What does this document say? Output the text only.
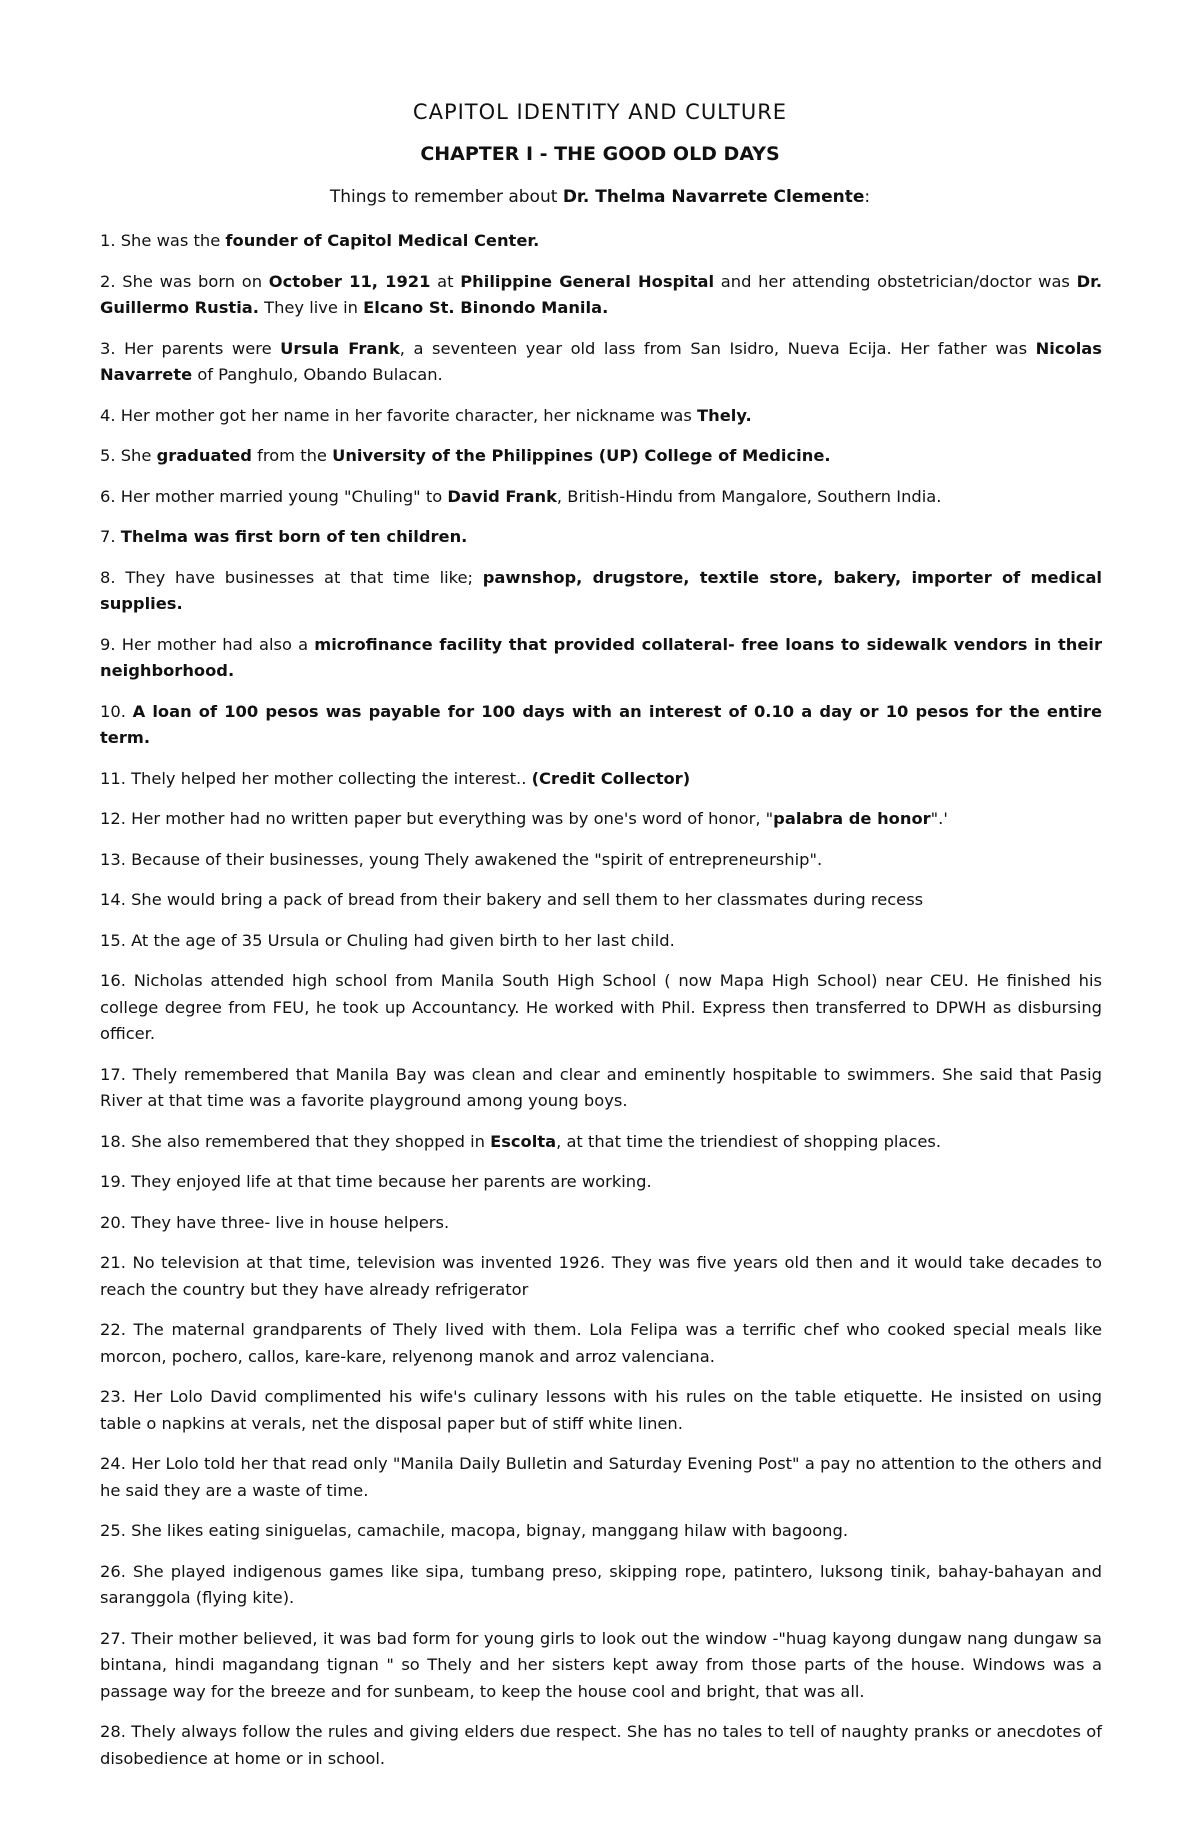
CAPITOL IDENTITY AND CULTURE
CHAPTER I - THE GOOD OLD DAYS
Things to remember about Dr. Thelma Navarrete Clemente:

1. She was the founder of Capitol Medical Center.

2. She was born on October 11, 1921 at Philippine General Hospital and her attending obstetrician/doctor was Dr. Guillermo Rustia. They live in Elcano St. Binondo Manila.

3. Her parents were Ursula Frank, a seventeen year old lass from San Isidro, Nueva Ecija. Her father was Nicolas Navarrete of Panghulo, Obando Bulacan.

4. Her mother got her name in her favorite character, her nickname was Thely.

5. She graduated from the University of the Philippines (UP) College of Medicine.

6. Her mother married young "Chuling" to David Frank, British-Hindu from Mangalore, Southern India.

7. Thelma was first born of ten children.

8. They have businesses at that time like; pawnshop, drugstore, textile store, bakery, importer of medical supplies.

9. Her mother had also a microfinance facility that provided collateral- free loans to sidewalk vendors in their neighborhood.

10. A loan of 100 pesos was payable for 100 days with an interest of 0.10 a day or 10 pesos for the entire term.

11. Thely helped her mother collecting the interest.. (Credit Collector)

12. Her mother had no written paper but everything was by one's word of honor, "palabra de honor".'

13. Because of their businesses, young Thely awakened the "spirit of entrepreneurship".

14. She would bring a pack of bread from their bakery and sell them to her classmates during recess

15. At the age of 35 Ursula or Chuling had given birth to her last child.

16. Nicholas attended high school from Manila South High School ( now Mapa High School) near CEU. He finished his college degree from FEU, he took up Accountancy. He worked with Phil. Express then transferred to DPWH as disbursing officer.

17. Thely remembered that Manila Bay was clean and clear and eminently hospitable to swimmers. She said that Pasig River at that time was a favorite playground among young boys.

18. She also remembered that they shopped in Escolta, at that time the triendiest of shopping places.

19. They enjoyed life at that time because her parents are working.

20. They have three- live in house helpers.

21. No television at that time, television was invented 1926. They was five years old then and it would take decades to reach the country but they have already refrigerator

22. The maternal grandparents of Thely lived with them. Lola Felipa was a terrific chef who cooked special meals like morcon, pochero, callos, kare-kare, relyenong manok and arroz valenciana.

23. Her Lolo David complimented his wife's culinary lessons with his rules on the table etiquette. He insisted on using table o napkins at verals, net the disposal paper but of stiff white linen.

24. Her Lolo told her that read only "Manila Daily Bulletin and Saturday Evening Post" a pay no attention to the others and he said they are a waste of time.

25. She likes eating siniguelas, camachile, macopa, bignay, manggang hilaw with bagoong.

26. She played indigenous games like sipa, tumbang preso, skipping rope, patintero, luksong tinik, bahay-bahayan and saranggola (flying kite).

27. Their mother believed, it was bad form for young girls to look out the window -"huag kayong dungaw nang dungaw sa bintana, hindi magandang tignan " so Thely and her sisters kept away from those parts of the house. Windows was a passage way for the breeze and for sunbeam, to keep the house cool and bright, that was all.

28. Thely always follow the rules and giving elders due respect. She has no tales to tell of naughty pranks or anecdotes of disobedience at home or in school.
